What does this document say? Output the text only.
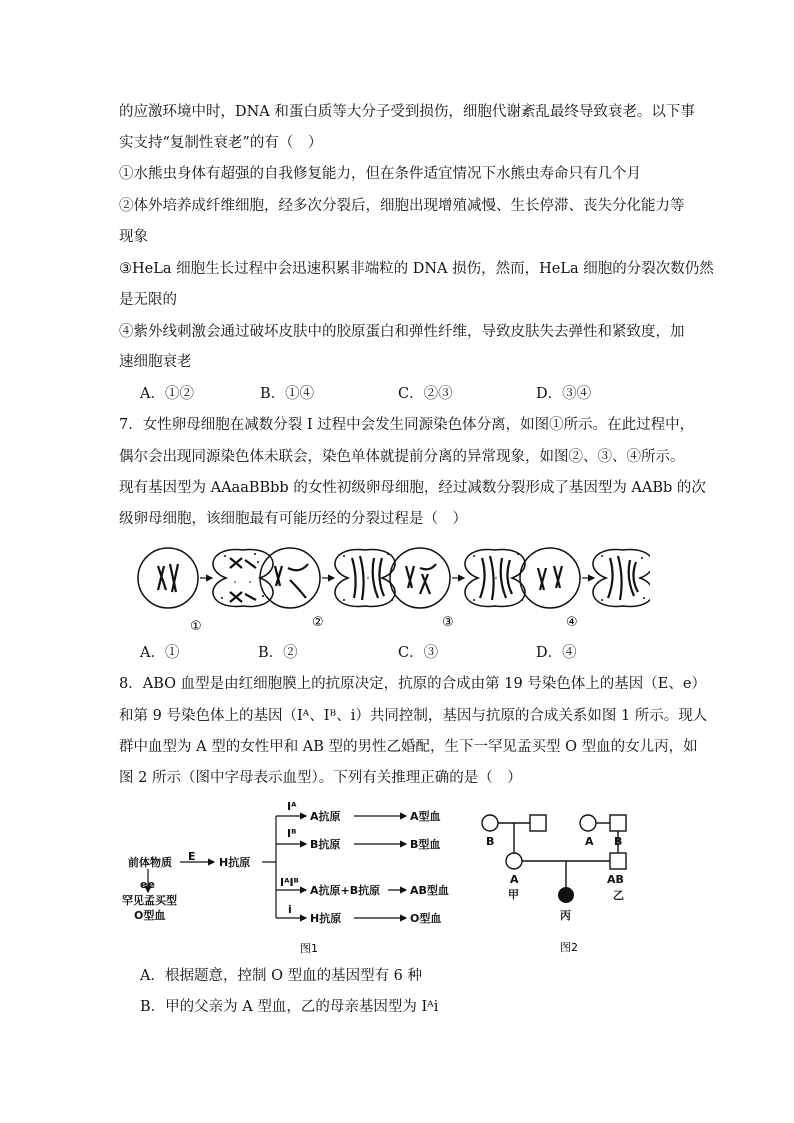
的应激环境中时，DNA 和蛋白质等大分子受到损伤，细胞代谢紊乱最终导致衰老。以下事
实支持“复制性衰老”的有（　）
①水熊虫身体有超强的自我修复能力，但在条件适宜情况下水熊虫寿命只有几个月
②体外培养成纤维细胞，经多次分裂后，细胞出现增殖减慢、生长停滞、丧失分化能力等
现象
③HeLa 细胞生长过程中会迅速积累非端粒的 DNA 损伤，然而，HeLa 细胞的分裂次数仍然
是无限的
④紫外线刺激会通过破坏皮肤中的胶原蛋白和弹性纤维，导致皮肤失去弹性和紧致度，加
速细胞衰老
A．①②	B．①④	C．②③	D．③④
7．女性卵母细胞在减数分裂 I 过程中会发生同源染色体分离，如图①所示。在此过程中，
偶尔会出现同源染色体未联会，染色单体就提前分离的异常现象，如图②、③、④所示。
现有基因型为 AAaaBBbb 的女性初级卵母细胞，经过减数分裂形成了基因型为 AABb 的次
级卵母细胞，该细胞最有可能历经的分裂过程是（　）
①	②	③	④
A．①	B．②	C．③	D．④
8．ABO 血型是由红细胞膜上的抗原决定，抗原的合成由第 19 号染色体上的基因（E、e）
和第 9 号染色体上的基因（Iᴬ、Iᴮ、i）共同控制，基因与抗原的合成关系如图 1 所示。现人
群中血型为 A 型的女性甲和 AB 型的男性乙婚配，生下一罕见孟买型 O 型血的女儿丙，如
图 2 所示（图中字母表示血型）。下列有关推理正确的是（　）
前体物质 E H抗原
ee
罕见孟买型
O型血
Iᴬ
Iᴮ
IᴬIᴮ
i
A抗原
B抗原
A抗原+B抗原
H抗原
A型血
B型血
AB型血
O型血
图1
B	A B
A
甲
AB
乙
丙
图2
A．根据题意，控制 O 型血的基因型有 6 种
B．甲的父亲为 A 型血，乙的母亲基因型为 Iᴬi
